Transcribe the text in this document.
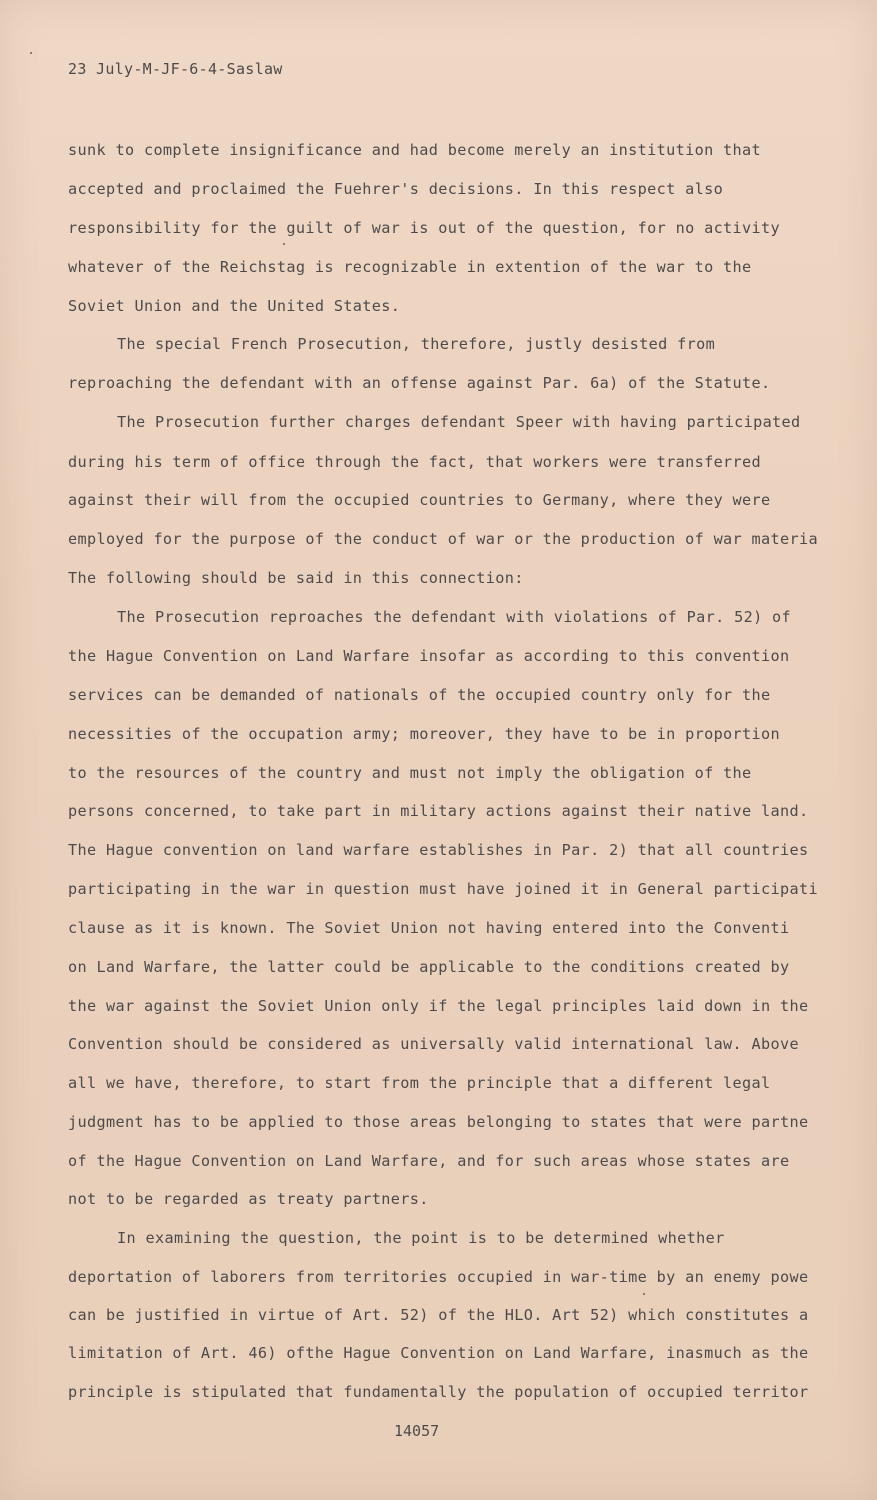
23 July-M-JF-6-4-Saslaw
sunk to complete insignificance and had become merely an institution that
accepted and proclaimed the Fuehrer's decisions. In this respect also
responsibility for the guilt of war is out of the question, for no activity
whatever of the Reichstag is recognizable in extention of the war to the
Soviet Union and the United States.
The special French Prosecution, therefore, justly desisted from
reproaching the defendant with an offense against Par. 6a) of the Statute.
The Prosecution further charges defendant Speer with having participated
during his term of office through the fact, that workers were transferred
against their will from the occupied countries to Germany, where they were
employed for the purpose of the conduct of war or the production of war materia
The following should be said in this connection:
The Prosecution reproaches the defendant with violations of Par. 52) of
the Hague Convention on Land Warfare insofar as according to this convention
services can be demanded of nationals of the occupied country only for the
necessities of the occupation army; moreover, they have to be in proportion
to the resources of the country and must not imply the obligation of the
persons concerned, to take part in military actions against their native land.
The Hague convention on land warfare establishes in Par. 2) that all countries
participating in the war in question must have joined it in General participati
clause as it is known. The Soviet Union not having entered into the Conventi
on Land Warfare, the latter could be applicable to the conditions created by
the war against the Soviet Union only if the legal principles laid down in the
Convention should be considered as universally valid international law. Above
all we have, therefore, to start from the principle that a different legal
judgment has to be applied to those areas belonging to states that were partne
of the Hague Convention on Land Warfare, and for such areas whose states are
not to be regarded as treaty partners.
In examining the question, the point is to be determined whether
deportation of laborers from territories occupied in war-time by an enemy powe
can be justified in virtue of Art. 52) of the HLO. Art 52) which constitutes a
limitation of Art. 46) ofthe Hague Convention on Land Warfare, inasmuch as the
principle is stipulated that fundamentally the population of occupied territor
14057
